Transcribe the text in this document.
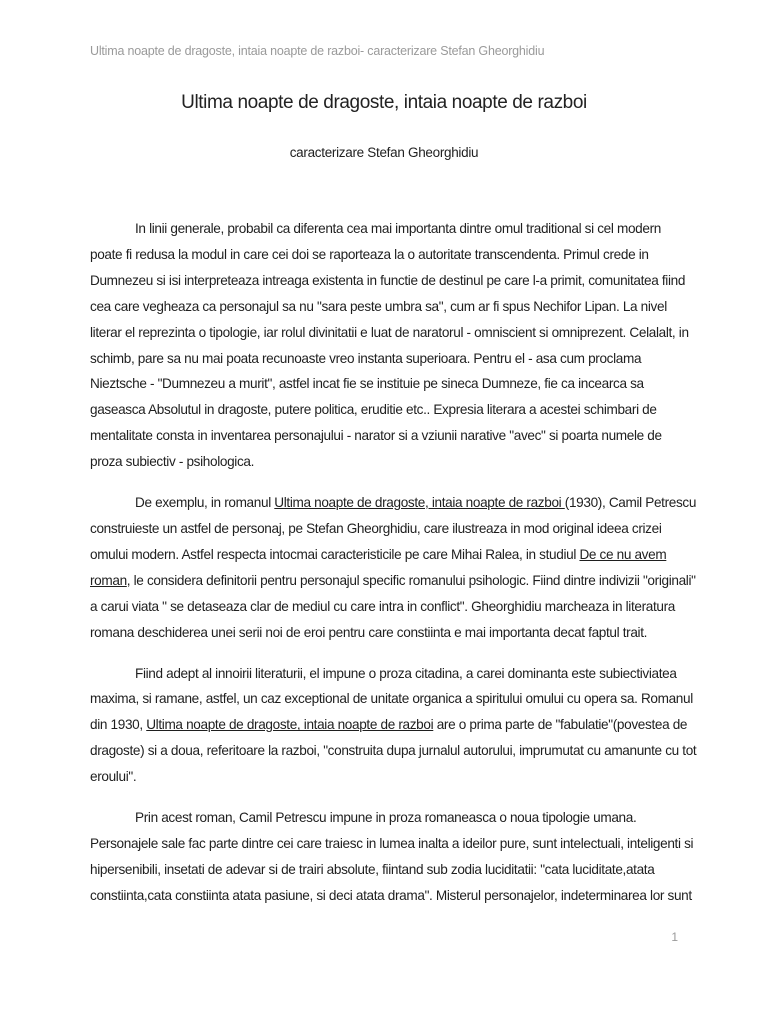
Ultima noapte de dragoste, intaia noapte de razboi- caracterizare Stefan Gheorghidiu
Ultima noapte de dragoste, intaia noapte de razboi
caracterizare Stefan Gheorghidiu
In linii generale, probabil ca diferenta cea mai importanta dintre omul traditional si cel modern
poate fi redusa la modul in care cei doi se raporteaza la o autoritate transcendenta. Primul crede in
Dumnezeu si isi interpreteaza intreaga existenta in functie de destinul pe care l-a primit, comunitatea fiind
cea care vegheaza ca personajul sa nu "sara peste umbra sa", cum ar fi spus Nechifor Lipan. La nivel
literar el reprezinta o tipologie, iar rolul divinitatii e luat de naratorul - omniscient si omniprezent. Celalalt, in
schimb, pare sa nu mai poata recunoaste vreo instanta superioara. Pentru el - asa cum proclama
Nieztsche - "Dumnezeu a murit", astfel incat fie se instituie pe sineca Dumneze, fie ca incearca sa
gaseasca Absolutul in dragoste, putere politica, eruditie etc.. Expresia literara a acestei schimbari de
mentalitate consta in inventarea personajului - narator si a vziunii narative "avec" si poarta numele de
proza subiectiv - psihologica.
De exemplu, in romanul Ultima noapte de dragoste, intaia noapte de razboi (1930), Camil Petrescu
construieste un astfel de personaj, pe Stefan Gheorghidiu, care ilustreaza in mod original ideea crizei
omului modern. Astfel respecta intocmai caracteristicile pe care Mihai Ralea, in studiul De ce nu avem
roman, le considera definitorii pentru personajul specific romanului psihologic. Fiind dintre indivizii "originali"
a carui viata " se detaseaza clar de mediul cu care intra in conflict". Gheorghidiu marcheaza in literatura
romana deschiderea unei serii noi de eroi pentru care constiinta e mai importanta decat faptul trait.
Fiind adept al innoirii literaturii, el impune o proza citadina, a carei dominanta este subiectiviatea
maxima, si ramane, astfel, un caz exceptional de unitate organica a spiritului omului cu opera sa. Romanul
din 1930, Ultima noapte de dragoste, intaia noapte de razboi are o prima parte de "fabulatie"(povestea de
dragoste) si a doua, referitoare la razboi, "construita dupa jurnalul autorului, imprumutat cu amanunte cu tot
eroului".
Prin acest roman, Camil Petrescu impune in proza romaneasca o noua tipologie umana.
Personajele sale fac parte dintre cei care traiesc in lumea inalta a ideilor pure, sunt intelectuali, inteligenti si
hipersenibili, insetati de adevar si de trairi absolute, fiintand sub zodia luciditatii: "cata luciditate,atata
constiinta,cata constiinta atata pasiune, si deci atata drama". Misterul personajelor, indeterminarea lor sunt
1
